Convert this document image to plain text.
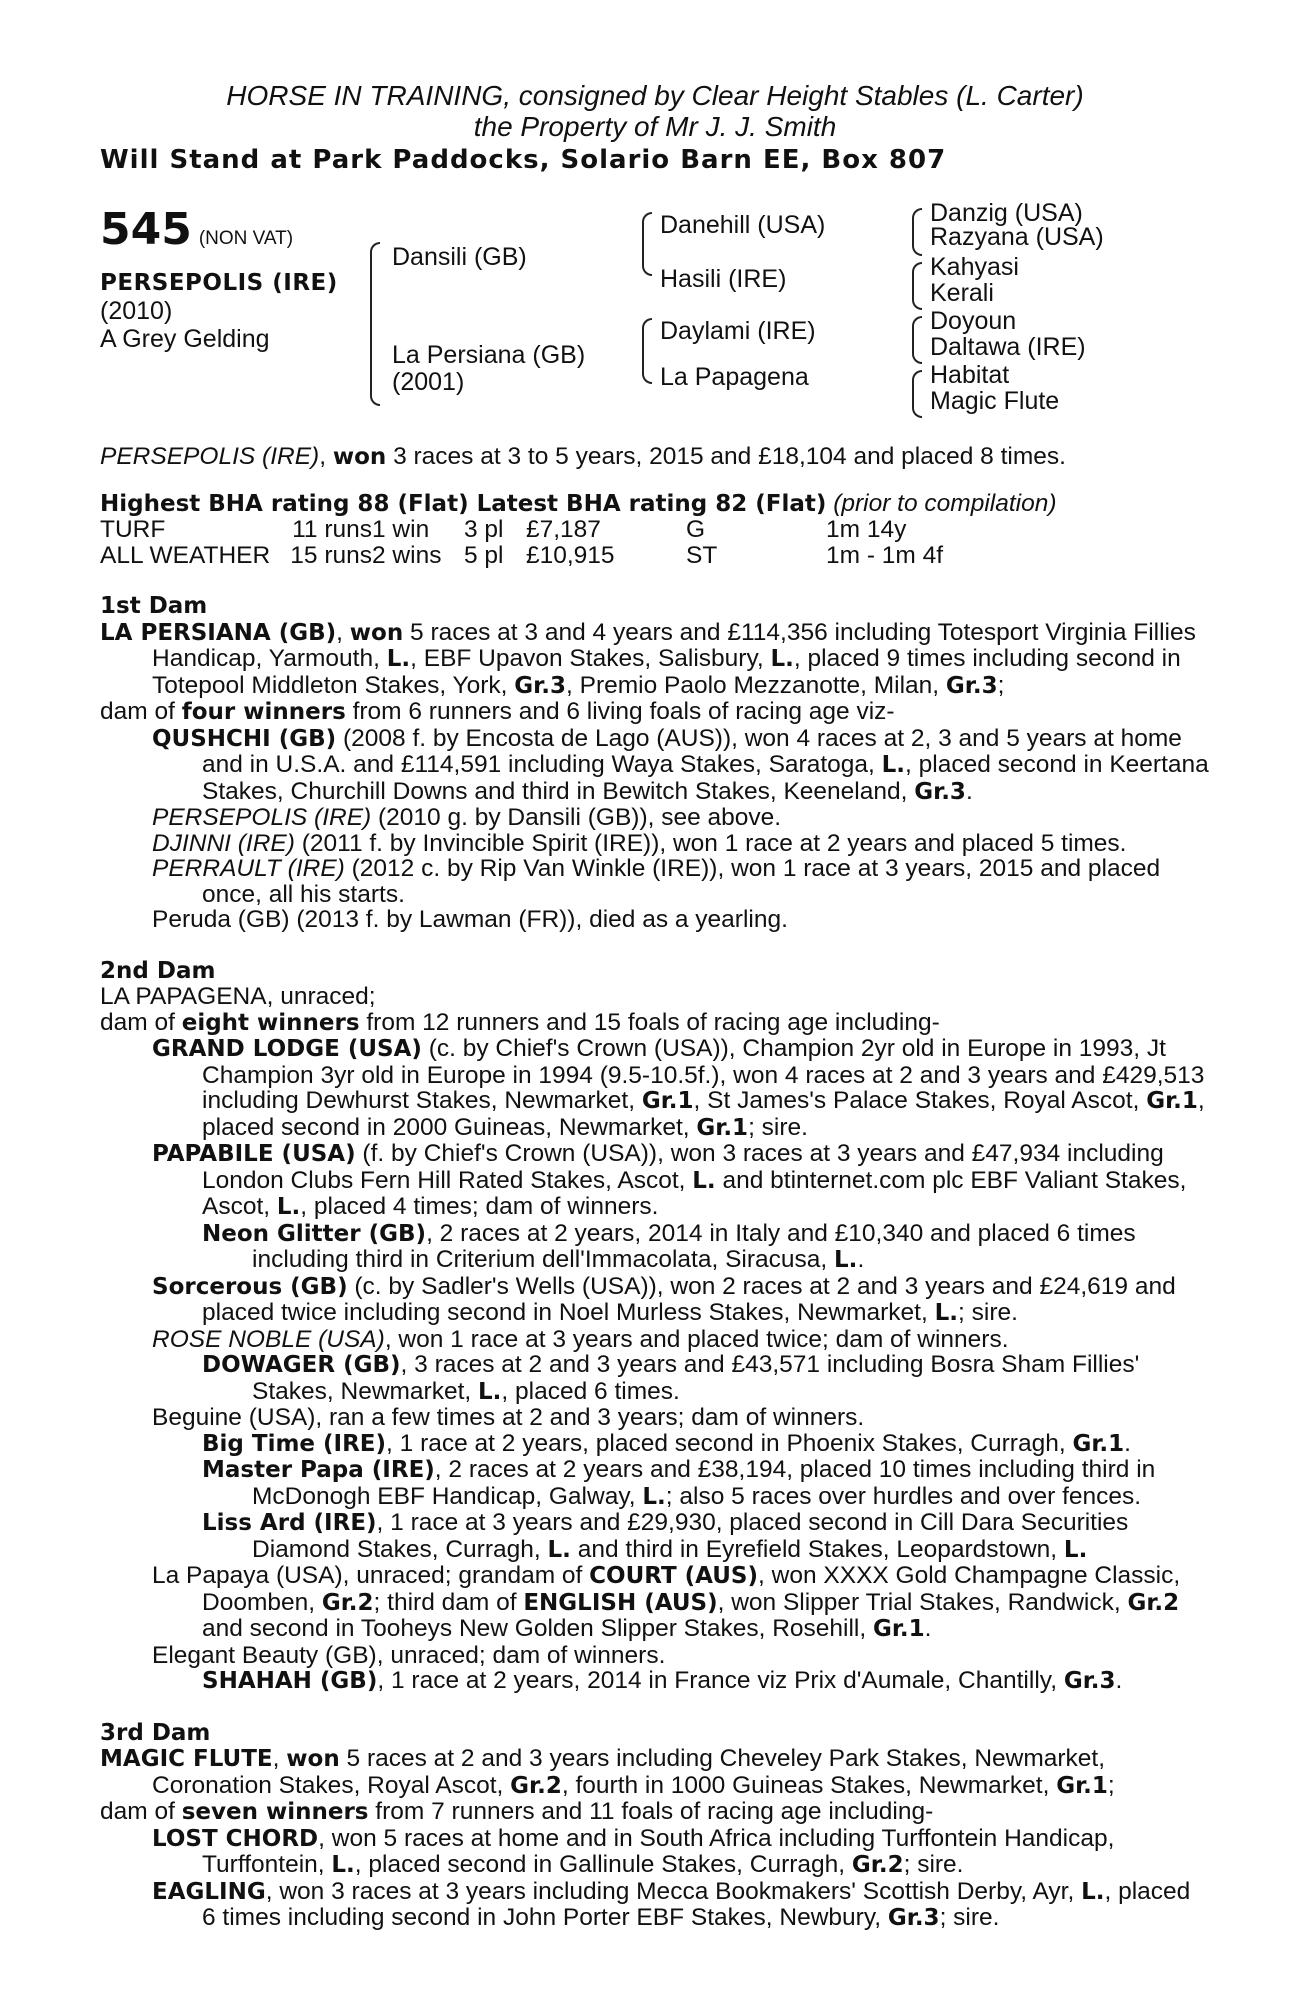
HORSE IN TRAINING, consigned by Clear Height Stables (L. Carter)
the Property of Mr J. J. Smith
Will Stand at Park Paddocks, Solario Barn EE, Box 807
545 (NON VAT)
PERSEPOLIS (IRE)
(2010)
A Grey Gelding
Dansili (GB)
La Persiana (GB)
(2001)
Danehill (USA)
Hasili (IRE)
Daylami (IRE)
La Papagena
Danzig (USA)
Razyana (USA)
Kahyasi
Kerali
Doyoun
Daltawa (IRE)
Habitat
Magic Flute

PERSEPOLIS (IRE), won 3 races at 3 to 5 years, 2015 and £18,104 and placed 8 times.

Highest BHA rating 88 (Flat) Latest BHA rating 82 (Flat) (prior to compilation)

TURF	11 runs	1 win	3 pl	£7,187	G	1m 14y
ALL WEATHER	15 runs	2 wins	5 pl	£10,915	ST	1m - 1m 4f
1st Dam

LA PERSIANA (GB), won 5 races at 3 and 4 years and £114,356 including Totesport Virginia Fillies Handicap, Yarmouth, L., EBF Upavon Stakes, Salisbury, L., placed 9 times including second in Totepool Middleton Stakes, York, Gr.3, Premio Paolo Mezzanotte, Milan, Gr.3;

dam of four winners from 6 runners and 6 living foals of racing age viz-

QUSHCHI (GB) (2008 f. by Encosta de Lago (AUS)), won 4 races at 2, 3 and 5 years at home and in U.S.A. and £114,591 including Waya Stakes, Saratoga, L., placed second in Keertana Stakes, Churchill Downs and third in Bewitch Stakes, Keeneland, Gr.3.

PERSEPOLIS (IRE) (2010 g. by Dansili (GB)), see above.

DJINNI (IRE) (2011 f. by Invincible Spirit (IRE)), won 1 race at 2 years and placed 5 times.

PERRAULT (IRE) (2012 c. by Rip Van Winkle (IRE)), won 1 race at 3 years, 2015 and placed once, all his starts.

Peruda (GB) (2013 f. by Lawman (FR)), died as a yearling.

2nd Dam

LA PAPAGENA, unraced;

dam of eight winners from 12 runners and 15 foals of racing age including-

GRAND LODGE (USA) (c. by Chief's Crown (USA)), Champion 2yr old in Europe in 1993, Jt Champion 3yr old in Europe in 1994 (9.5-10.5f.), won 4 races at 2 and 3 years and £429,513 including Dewhurst Stakes, Newmarket, Gr.1, St James's Palace Stakes, Royal Ascot, Gr.1, placed second in 2000 Guineas, Newmarket, Gr.1; sire.

PAPABILE (USA) (f. by Chief's Crown (USA)), won 3 races at 3 years and £47,934 including London Clubs Fern Hill Rated Stakes, Ascot, L. and btinternet.com plc EBF Valiant Stakes, Ascot, L., placed 4 times; dam of winners.

Neon Glitter (GB), 2 races at 2 years, 2014 in Italy and £10,340 and placed 6 times including third in Criterium dell'Immacolata, Siracusa, L..

Sorcerous (GB) (c. by Sadler's Wells (USA)), won 2 races at 2 and 3 years and £24,619 and placed twice including second in Noel Murless Stakes, Newmarket, L.; sire.

ROSE NOBLE (USA), won 1 race at 3 years and placed twice; dam of winners.

DOWAGER (GB), 3 races at 2 and 3 years and £43,571 including Bosra Sham Fillies' Stakes, Newmarket, L., placed 6 times.

Beguine (USA), ran a few times at 2 and 3 years; dam of winners.

Big Time (IRE), 1 race at 2 years, placed second in Phoenix Stakes, Curragh, Gr.1.

Master Papa (IRE), 2 races at 2 years and £38,194, placed 10 times including third in McDonogh EBF Handicap, Galway, L.; also 5 races over hurdles and over fences.

Liss Ard (IRE), 1 race at 3 years and £29,930, placed second in Cill Dara Securities Diamond Stakes, Curragh, L. and third in Eyrefield Stakes, Leopardstown, L.

La Papaya (USA), unraced; grandam of COURT (AUS), won XXXX Gold Champagne Classic, Doomben, Gr.2; third dam of ENGLISH (AUS), won Slipper Trial Stakes, Randwick, Gr.2 and second in Tooheys New Golden Slipper Stakes, Rosehill, Gr.1.

Elegant Beauty (GB), unraced; dam of winners.

SHAHAH (GB), 1 race at 2 years, 2014 in France viz Prix d'Aumale, Chantilly, Gr.3.

3rd Dam

MAGIC FLUTE, won 5 races at 2 and 3 years including Cheveley Park Stakes, Newmarket, Coronation Stakes, Royal Ascot, Gr.2, fourth in 1000 Guineas Stakes, Newmarket, Gr.1;

dam of seven winners from 7 runners and 11 foals of racing age including-

LOST CHORD, won 5 races at home and in South Africa including Turffontein Handicap, Turffontein, L., placed second in Gallinule Stakes, Curragh, Gr.2; sire.

EAGLING, won 3 races at 3 years including Mecca Bookmakers' Scottish Derby, Ayr, L., placed 6 times including second in John Porter EBF Stakes, Newbury, Gr.3; sire.
